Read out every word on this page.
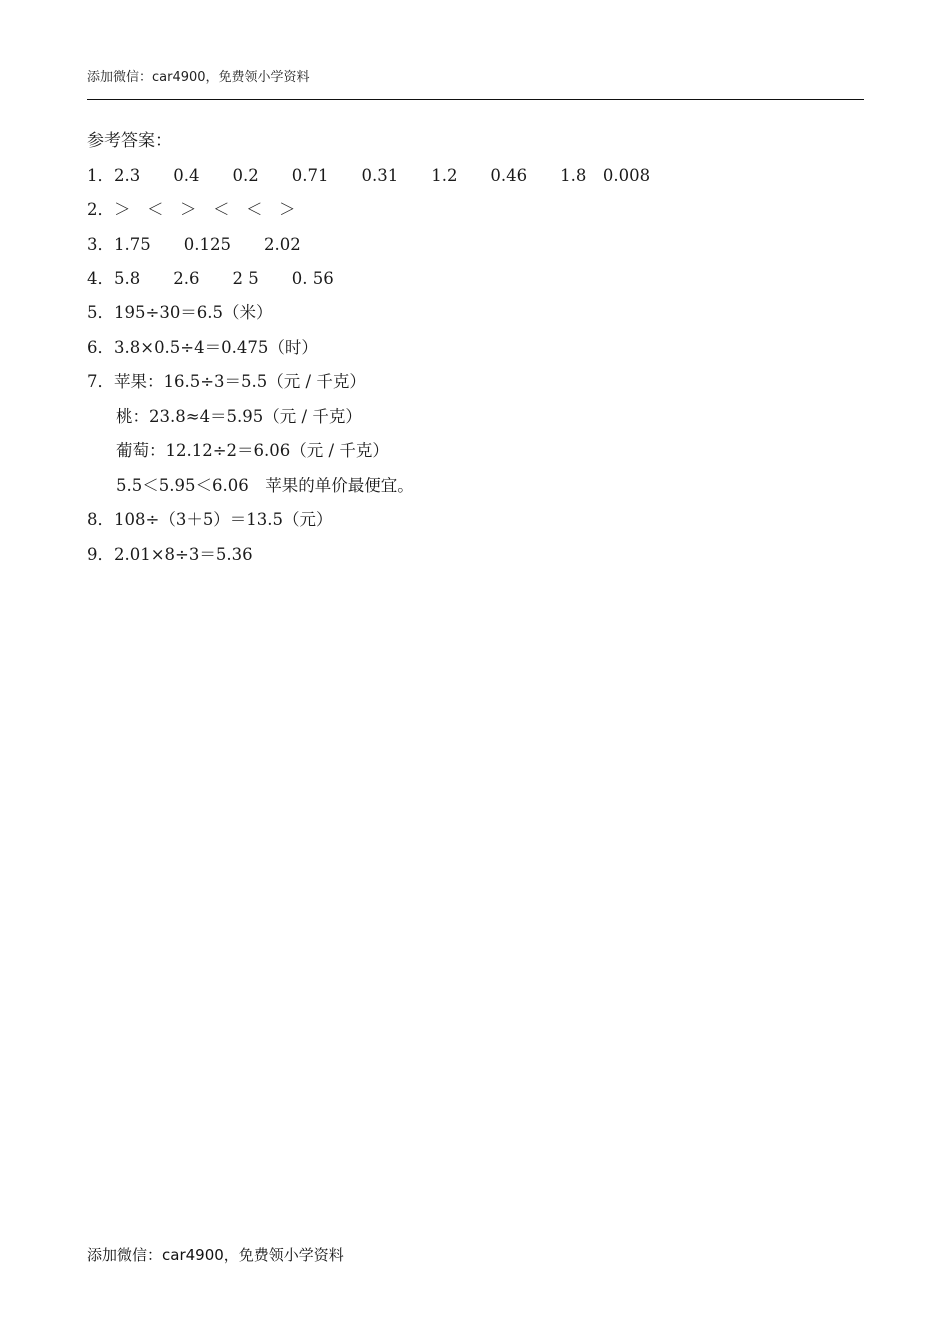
添加微信：car4900，免费领小学资料
参考答案：
1．2.3　　0.4　　0.2　　0.71　　0.31　　1.2　　0.46　　1.8　0.008
2．＞　＜　＞　＜　＜　＞
3．1.75　　0.125　　2.02
4．5.8　　2.6　　2 5　　0. 56
5．195÷30＝6.5（米）
6．3.8×0.5÷4＝0.475（时）
7．苹果：16.5÷3＝5.5（元 / 千克）
桃：23.8≈4＝5.95（元 / 千克）
葡萄：12.12÷2＝6.06（元 / 千克）
5.5＜5.95＜6.06　苹果的单价最便宜。
8．108÷（3＋5）＝13.5（元）
9．2.01×8÷3＝5.36
添加微信：car4900，免费领小学资料
